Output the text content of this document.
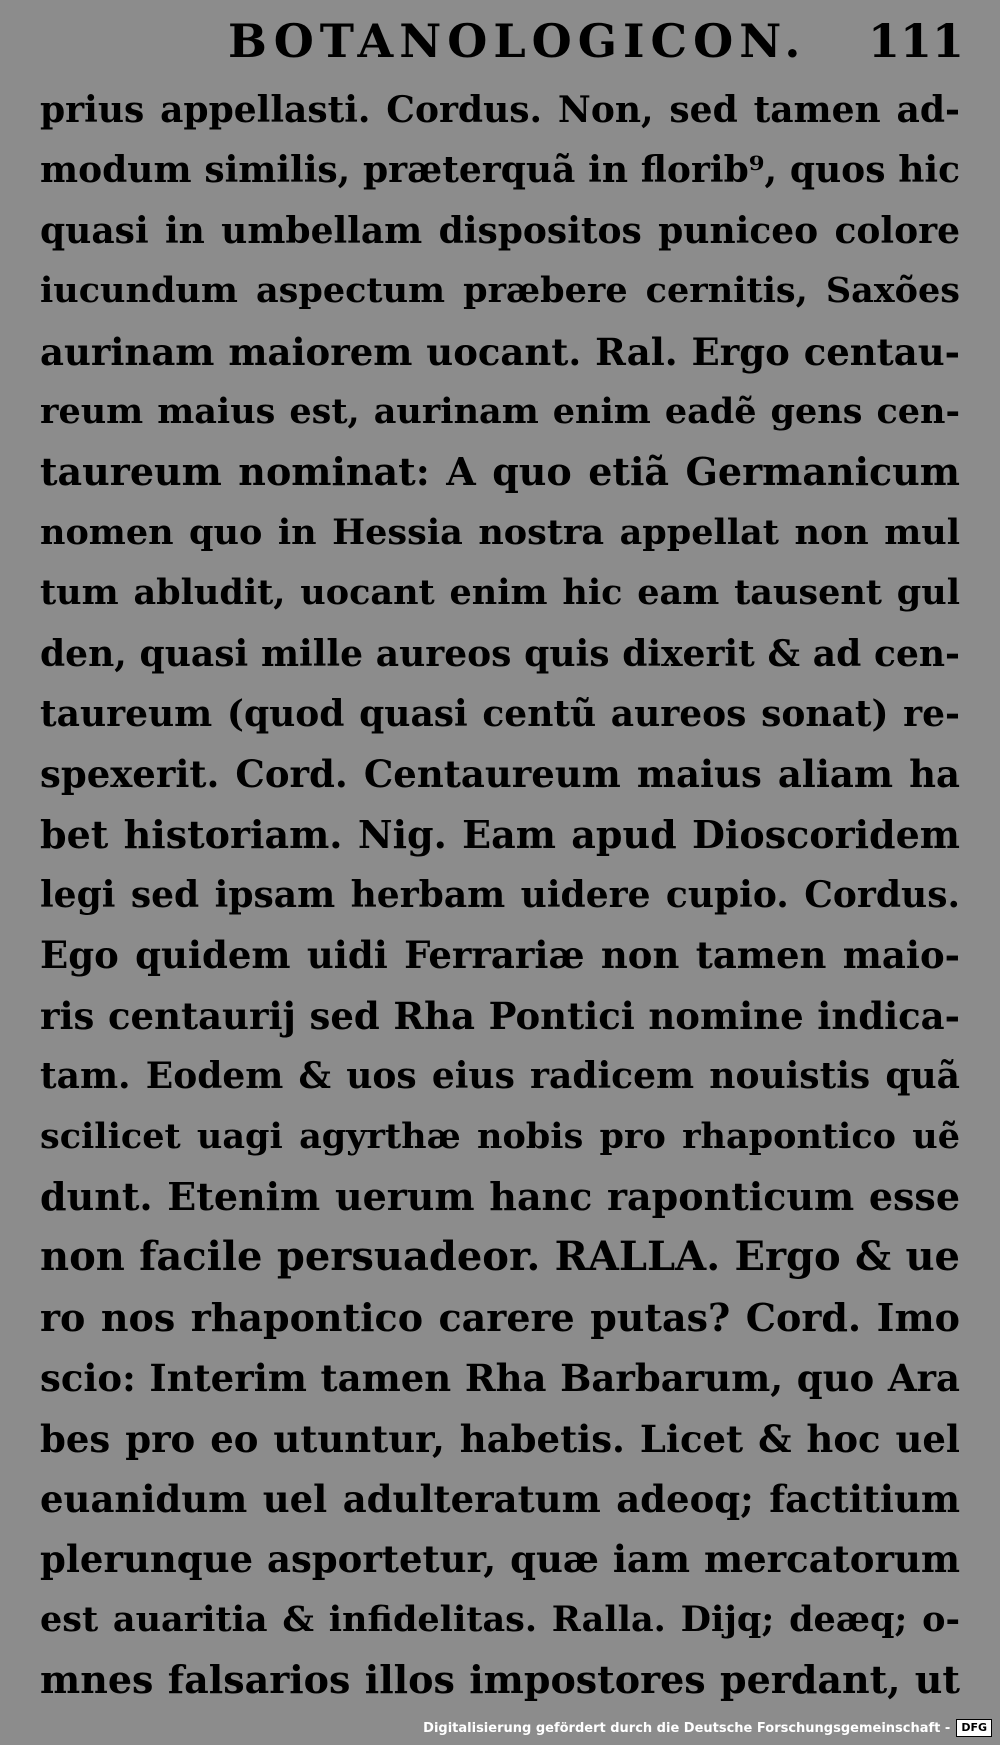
BOTANOLOGICON. 111
prius appellasti. Cordus. Non, sed tamen ad-
modum similis, præterquã in florib⁹, quos hic
quasi in umbellam dispositos puniceo colore
iucundum aspectum præbere cernitis, Saxões
aurinam maiorem uocant. Ral. Ergo centau-
reum maius est, aurinam enim eadẽ gens cen-
taureum nominat: A quo etiã Germanicum
nomen quo in Hessia nostra appellat non mul
tum abludit, uocant enim hic eam tausent gul
den, quasi mille aureos quis dixerit & ad cen-
taureum (quod quasi centũ aureos sonat) re-
spexerit. Cord. Centaureum maius aliam ha
bet historiam. Nig. Eam apud Dioscoridem
legi sed ipsam herbam uidere cupio. Cordus.
Ego quidem uidi Ferrariæ non tamen maio-
ris centaurij sed Rha Pontici nomine indica-
tam. Eodem & uos eius radicem nouistis quã
scilicet uagi agyrthæ nobis pro rhapontico uẽ
dunt. Etenim uerum hanc raponticum esse
non facile persuadeor. RALLA. Ergo & ue
ro nos rhapontico carere putas? Cord. Imo
scio: Interim tamen Rha Barbarum, quo Ara
bes pro eo utuntur, habetis. Licet & hoc uel
euanidum uel adulteratum adeoq; factitium
plerunque asportetur, quæ iam mercatorum
est auaritia & infidelitas. Ralla. Dijq; deæq; o-
mnes falsarios illos impostores perdant, ut
Digitalisierung gefördert durch die Deutsche Forschungsgemeinschaft -	DFG
